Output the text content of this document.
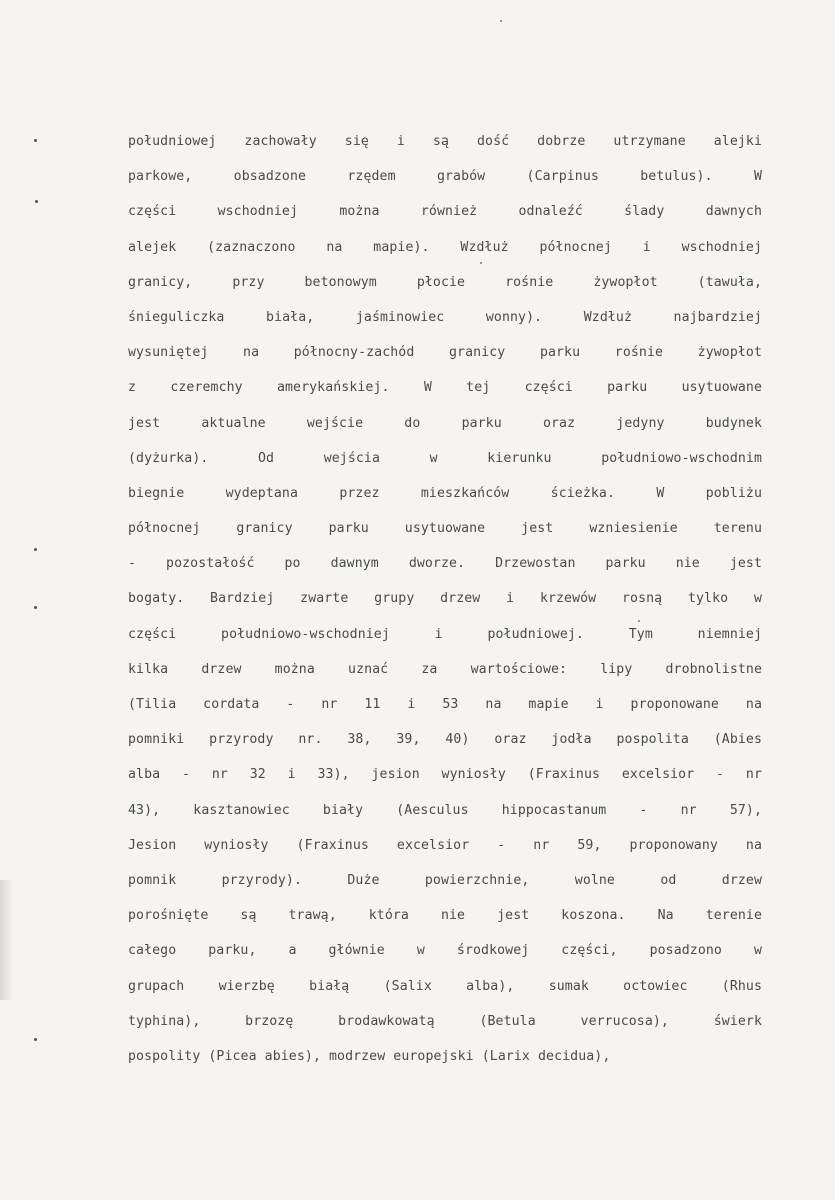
południowej zachowały się i są dość dobrze utrzymane alejki
parkowe, obsadzone rzędem grabów (Carpinus betulus). W
części wschodniej można również odnaleźć ślady dawnych
alejek (zaznaczono na mapie). Wzdłuż północnej i wschodniej
granicy, przy betonowym płocie rośnie żywopłot (tawuła,
śnieguliczka biała, jaśminowiec wonny). Wzdłuż najbardziej
wysuniętej na północny-zachód granicy parku rośnie żywopłot
z czeremchy amerykańskiej. W tej części parku usytuowane
jest aktualne wejście do parku oraz jedyny budynek
(dyżurka). Od wejścia w kierunku południowo-wschodnim
biegnie wydeptana przez mieszkańców ścieżka. W pobliżu
północnej granicy parku usytuowane jest wzniesienie terenu
- pozostałość po dawnym dworze. Drzewostan parku nie jest
bogaty. Bardziej zwarte grupy drzew i krzewów rosną tylko w
części południowo-wschodniej i południowej. Tym niemniej
kilka drzew można uznać za wartościowe: lipy drobnolistne
(Tilia cordata - nr 11 i 53 na mapie i proponowane na
pomniki przyrody nr. 38, 39, 40) oraz jodła pospolita (Abies
alba - nr 32 i 33), jesion wyniosły (Fraxinus excelsior - nr
43), kasztanowiec biały (Aesculus hippocastanum - nr 57),
Jesion wyniosły (Fraxinus excelsior - nr 59, proponowany na
pomnik przyrody). Duże powierzchnie, wolne od drzew
porośnięte są trawą, która nie jest koszona. Na terenie
całego parku, a głównie w środkowej części, posadzono w
grupach wierzbę białą (Salix alba), sumak octowiec (Rhus
typhina), brzozę brodawkowatą (Betula verrucosa), świerk
pospolity (Picea abies), modrzew europejski (Larix decidua),
